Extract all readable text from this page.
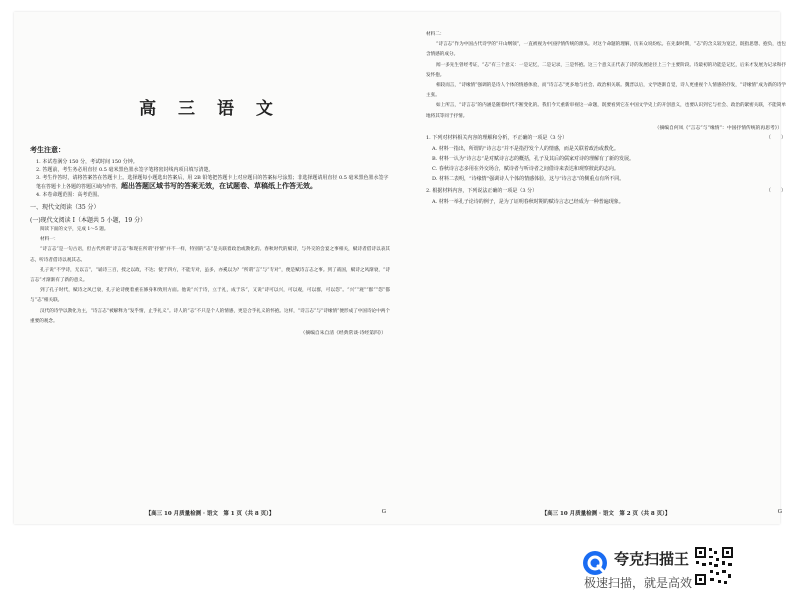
高 三 语 文
考生注意：

1. 本试卷满分 150 分，考试时间 150 分钟。

2. 答题前，考生务必用直径 0.5 毫米黑色墨水签字笔将密封线内项目填写清楚。

3. 考生作答时，请将答案答在答题卡上。选择题每小题选出答案后，用 2B 铅笔把答题卡上对应题目的答案标号涂黑；非选择题请用直径 0.5 毫米黑色墨水签字笔在答题卡上各题的答题区域内作答，超出答题区域书写的答案无效，在试题卷、草稿纸上作答无效。

4. 本卷命题范围：高考范围。

一、现代文阅读（35 分）

(一)现代文阅读 I（本题共 5 小题，19 分）

阅读下面的文字，完成 1～5 题。

材料一：

“诗言志”是一句古语，但古代所谓“诗言志”和现在所谓“抒情”并不一样，特别的“志”是关联着政治或教化的。春秋时代的赋诗，与外交的会宴之事相关，赋诗者借诗以表其志，听诗者借诗以观其志。

孔子说“不学诗，无以言”，“诵诗三百，授之以政，不达；使于四方，不能专对，虽多，亦奚以为？”所谓“言”与“专对”，便是赋诗言志之事。到了战国，赋诗之风渐衰，“诗言志”才渐渐有了新的意义。

到了孔子时代，赋诗之风已衰，孔子论诗便着重在修身和致用方面。他说“兴于诗，立于礼，成于乐”，又说“诗可以兴，可以观，可以群，可以怨”。“兴”“观”“群”“怨”都与“志”相关联。

汉代的诗学以教化为主，“诗言志”被解释为“发乎情，止乎礼义”。诗人的“志”不只是个人的情感，更是合乎礼义的怀抱。这样，“诗言志”与“诗缘情”便形成了中国诗论中两个重要的观念。

（摘编自朱自清《经典常谈·诗经第四》）

【高三 10 月质量检测 · 语文　第 1 页（共 8 页）】	G

材料二：

“诗言志”作为中国古代诗学的“开山纲领”，一直被视为中国抒情传统的源头。对这个命题的理解，历来众说纷纭。在先秦时期，“志”的含义较为宽泛，既指思想、抱负，也包含情感的成分。

闻一多先生曾经考证，“志”有三个意义：一是记忆，二是记录，三是怀抱。这三个意义正代表了诗的发展途径上三个主要阶段。诗最初的功能是记忆，后来才发展为记录和抒发怀抱。

相较而言，“诗缘情”强调的是诗人个体的情感体验，而“诗言志”更多地与社会、政治相关联。魏晋以后，文学逐渐自觉，诗人更重视个人情感的抒发，“诗缘情”成为新的诗学主张。

如上所言，“诗言志”的内涵是随着时代不断变化的。我们今天重新审视这一命题，既要看到它在中国文学史上的开创意义，也要认识到它与社会、政治的紧密关联，不能简单地将其等同于抒情。

（摘编自何凤《“言志”与“缘情”：中国抒情传统的再思考》）

1. 下列对材料相关内容的理解和分析，不正确的一项是（3 分）	（　　）

A. 材料一指出，所谓的“诗言志”并不是指抒发个人的情感，而是关联着政治或教化。

B. 材料一认为“诗言志”是对赋诗言志的概括，孔子及其后的儒家对诗的理解有了新的发展。

C. 春秋诗言志多用在外交场合，赋诗者与听诗者之间借诗来表达和观察彼此的志向。

D. 材料二表明，“诗缘情”强调诗人个体的情感体验，这与“诗言志”的侧重点有所不同。

2. 根据材料内容，下列说法正确的一项是（3 分）	（　　）

A. 材料一举孔子论诗的例子，是为了证明春秋时期的赋诗言志已经成为一种普遍现象。

【高三 10 月质量检测 · 语文　第 2 页（共 8 页）】	G
夸克扫描王
极速扫描，就是高效
